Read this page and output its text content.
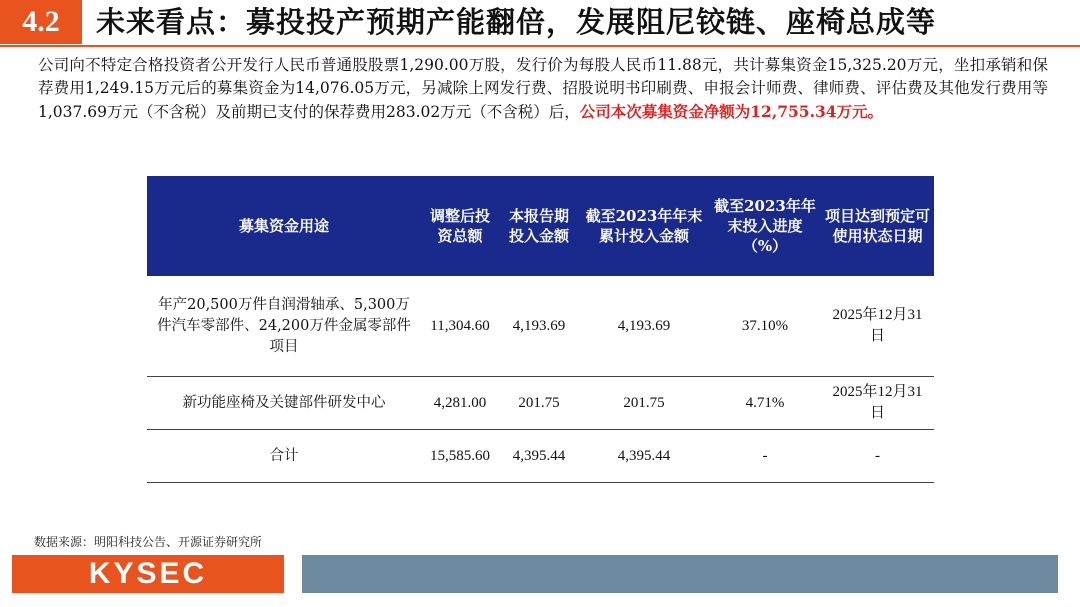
4.2	未来看点：募投投产预期产能翻倍，发展阻尼铰链、座椅总成等
公司向不特定合格投资者公开发行人民币普通股股票1,290.00万股，发行价为每股人民币11.88元，共计募集资金15,325.20万元，坐扣承销和保荐费用1,249.15万元后的募集资金为14,076.05万元，另减除上网发行费、招股说明书印刷费、申报会计师费、律师费、评估费及其他发行费用等1,037.69万元（不含税）及前期已支付的保荐费用283.02万元（不含税）后，公司本次募集资金净额为12,755.34万元。
募集资金用途	调整后投资总额	本报告期投入金额	截至2023年年末累计投入金额	截至2023年年末投入进度（%）	项目达到预定可使用状态日期
年产20,500万件自润滑轴承、5,300万件汽车零部件、24,200万件金属零部件项目	11,304.60	4,193.69	4,193.69	37.10%	2025年12月31日
新功能座椅及关键部件研发中心	4,281.00	201.75	201.75	4.71%	2025年12月31日
合计	15,585.60	4,395.44	4,395.44	-	-
数据来源：明阳科技公告、开源证券研究所
KYSEC
